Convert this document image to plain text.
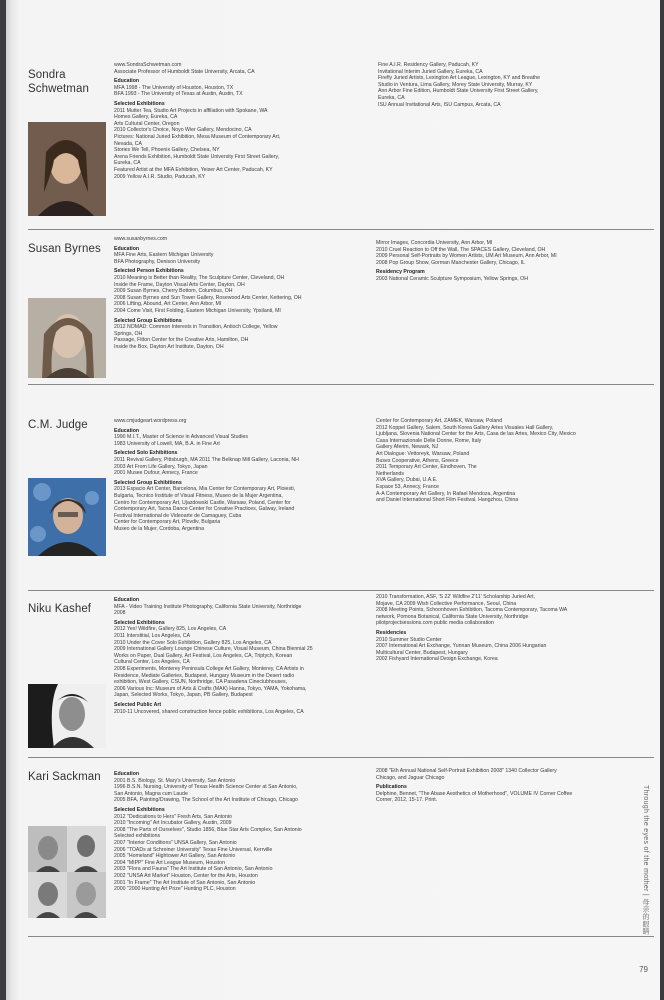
Sondra
Schwetman
www.SondraSchwetman.com
Associate Professor of Humboldt State University, Arcata, CA
Education
MFA 1998 - The University of Houston, Houston, TX
BFA 1993 - The University of Texas at Austin, Austin, TX
Selected Exhibitions
2011 Mutter Tea, Studio Art Projects in affiliation with Spokane, WA
Homes Gallery, Eureka, CA
Arts Cultural Center, Oregon
2010 Collector's Choice, Noyo Wier Gallery, Mendocino, CA
Pictures: National Juried Exhibition, Mesa Museum of Contemporary Art,
Nevada, CA
Stories We Tell, Phoenix Gallery, Chelsea, NY
Arena Friends Exhibition, Humboldt State University First Street Gallery,
Eureka, CA
Featured Artist at the MFA Exhibition, Yeiser Art Center, Paducah, KY
2009 Yellow A.I.R. Studio, Paducah, KY
Fine A.I.R. Residency Gallery, Paducah, KY
Invitational Interim Juried Gallery, Eureka, CA
Firefly Juried Artists, Lexington Art League, Lexington, KY and Breathe
Studio in Ventura, Lima Gallery, Morey State University, Murray, KY
Ann Arbor Fine Edition, Humboldt State University First Street Gallery,
Eureka, CA
ISU Annual Invitational Arts, ISU Campus, Arcata, CA
Susan Byrnes
www.susanbyrnes.com
Education
MFA Fine Arts, Eastern Michigan University
BFA Photography, Denison University
Selected Person Exhibitions
2010 Meaning is Better than Reality, The Sculpture Center, Cleveland, OH
Inside the Frame, Dayton Visual Arts Center, Dayton, OH
2009 Susan Byrnes, Cherry Bottom, Columbus, OH
2008 Susan Byrnes and Sun Tower Gallery, Rosewood Arts Center, Kettering, OH
2006 Lifting, Abound, Art Center, Ann Arbor, MI
2004 Come Visit, First Folding, Eastern Michigan University, Ypsilanti, MI
Selected Group Exhibitions
2012 NOMAD: Common Interests in Transition, Antioch College, Yellow
Springs, OH
Passage, Fitton Center for the Creative Arts, Hamilton, OH
Inside the Box, Dayton Art Institute, Dayton, OH
Mirror Images, Concordia University, Ann Arbor, MI
2010 Cruel Reaction to Off the Wall, The SPACES Gallery, Cleveland, OH
2009 Personal Self-Portraits by Women Artists, UM Art Museum, Ann Arbor, MI
2008 Pop Group Show, Gorman Manchester Gallery, Chicago, IL
Residency Program
2003 National Ceramic Sculpture Symposium, Yellow Springs, OH
C.M. Judge	www.cmjudgeart.wordpress.org
Education
1990 M.I.T., Master of Science in Advanced Visual Studies
1983 University of Lowell, MA, B.A. in Fine Art
Selected Solo Exhibitions
2011 Revival Gallery, Pittsburgh, MA 2011 The Belknap Mill Gallery, Laconia, NH
2003 Art From Life Gallery, Tokyo, Japan
2001 Musee Dufour, Annecy, France
Selected Group Exhibitions
2013 Espacio Art Center, Barcelona, Mia Center for Contemporary Art, Ploiesti,
Bulgaria, Tecnico Institute of Visual Fitness, Museo de la Mujer Argentina,
Centro for Contemporary Art, Ujazdowski Castle, Warsaw, Poland, Center for
Contemporary Art, Tacna Dance Center for Creative Practices, Galway, Ireland
Festival International de Videoarte de Camaguey, Cuba
Center for Contemporary Art, Plovdiv, Bulgaria
Museo de la Mujer, Cordoba, Argentina
Center for Contemporary Art, ZAMEK, Warsaw, Poland
2012 Koppel Gallery, Salem, South Korea Gallery Artes Visuales Hall Gallery,
Ljubljana, Slovenia National Center for the Arts, Casa de las Artes, Mexico City, Mexico
Casa Internazionale Delle Donne, Rome, Italy
Gallery Aferim, Newark, NJ
Art Dialogue: Vettoreyk, Warsaw, Poland
Buses Cooperative, Athens, Greece
2011 Temporary Art Center, Eindhoven, The
Netherlands
XVA Gallery, Dubai, U.A.E.
Espace 53, Annecy, France
A-A Contemporary Art Gallery, In Rafael Mendoza, Argentina
and Daniel International Short Film Festival, Hangzhou, China
Niku Kashef
Education
MFA - Video Training Institute Photography, California State University, Northridge
2008
Selected Exhibitions
2012 Yes! Wildfire, Gallery 825, Los Angeles, CA
2011 Interstitial, Los Angeles, CA
2010 Under the Cover Solo Exhibition, Gallery 825, Los Angeles, CA
2009 International Gallery Lounge Chinese Culture, Visual Museum, China Biennial 25
Works on Paper, Dual Gallery, Art Festival, Los Angeles, CA, Triptych, Korean
Cultural Center, Los Angeles, CA
2008 Experiments, Monterey Peninsula College Art Gallery, Monterey, CA Artists in
Residence, Mediate Galleries, Budapest, Hungary Museum in the Desert radio
exhibition, West Gallery, CSUN, Northridge, CA Pasadena Cineclubhouses,
2006 Various Inc: Museum of Arts & Crafts (MAK) Hanna, Tokyo, YAMA, Yokohama,
Japan, Selected Works, Tokyo, Japan, PB Gallery, Budapest
Selected Public Art
2010-11 Uncovered, shared construction fence public exhibitions, Los Angeles, CA
2010 Transformation, ASF, 'S 22' Wildfire 2'11' Scholarship Juried Art,
Mojave, CA 2009 Wish Collective Performance, Seoul, China
2008 Meeting Points, Schoonhoven Exhibition, Tacoma Contemporary, Tacoma WA
network, Pomona Botanical, California State University, Northridge
pilotprojectsessions.com public media collaboration
Residencies
2010 Summer Studio Center
2007 International Art Exchange, Yunnan Museum, China 2006 Hungarian
Multicultural Center, Budapest, Hungary
2002 Fishyard International Design Exchange, Korea
Kari Sackman	Education
2001 B.S. Biology, St. Mary's University, San Antonio
1996 B.S.N. Nursing, University of Texas Health Science Center at San Antonio,
San Antonio, Magna cum Laude
2005 BFA, Painting/Drawing, The School of the Art Institute of Chicago, Chicago
Selected Exhibitions
2012 "Dedications to Hers" Fresh Arts, San Antonio
2010 "Incoming" Art Incubator Gallery, Austin, 2009
2008 "The Parts of Ourselves", Studio 1856, Blue Star Arts Complex, San Antonio
Selected exhibitions
2007 "Interior Conditions" UNSA Gallery, San Antonio
2006 "TOADs at Schreiner University" Texas Fine Universal, Kerrville
2005 "Homeland" Hightower Art Gallery, San Antonio
2004 "MIPP" Fine Art League Museum, Houston
2003 "Flora and Fauna" The Art Institute of San Antonio, San Antonio
2002 "UNSA Art Market" Houston, Center for the Arts, Houston
2001 "In Frame" The Art Institute of San Antonio, San Antonio
2000 "2000 Hunting Art Prize" Hunting PLC, Houston
2008 "Eth Annual National Self-Portrait Exhibition 2008" 1340 Collector Gallery
Chicago, and Jaguar Chicago
Publications
Delphine, Bennet, "The Abase Aesthetics of Motherhood", VOLUME IV Corner Coffee
Corner, 2012, 15-17. Print.	Through the eyes of the mother | 母亲的眼睛
79
